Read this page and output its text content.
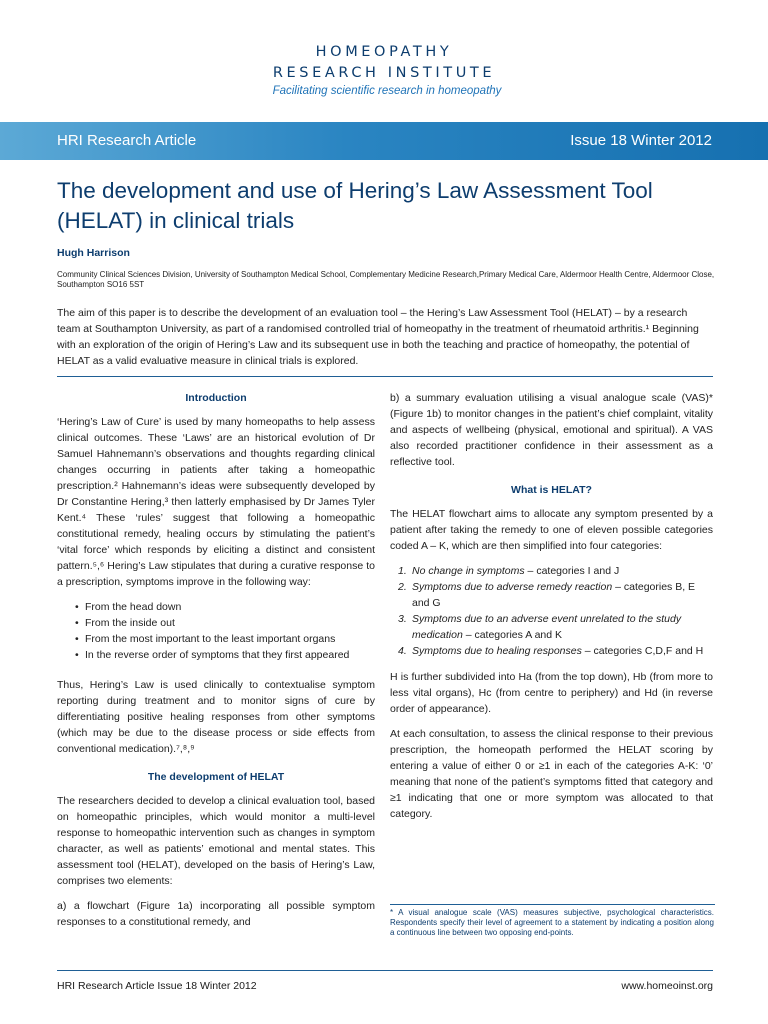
HOMEOPATHY
RESEARCH INSTITUTE
Facilitating scientific research in homeopathy
HRI Research Article	Issue 18 Winter 2012
The development and use of Hering’s Law Assessment Tool (HELAT) in clinical trials
Hugh Harrison
Community Clinical Sciences Division, University of Southampton Medical School, Complementary Medicine Research,Primary Medical Care, Aldermoor Health Centre, Aldermoor Close, Southampton SO16 5ST
The aim of this paper is to describe the development of an evaluation tool – the Hering’s Law Assessment Tool (HELAT) – by a research team at Southampton University, as part of a randomised controlled trial of homeopathy in the treatment of rheumatoid arthritis.¹ Beginning with an exploration of the origin of Hering’s Law and its subsequent use in both the teaching and practice of homeopathy, the potential of HELAT as a valid evaluative measure in clinical trials is explored.
Introduction

‘Hering’s Law of Cure’ is used by many homeopaths to help assess clinical outcomes. These ‘Laws’ are an historical evolution of Dr Samuel Hahnemann’s observations and thoughts regarding clinical changes occurring in patients after taking a homeopathic prescription.² Hahnemann’s ideas were subsequently developed by Dr Constantine Hering,³ then latterly emphasised by Dr James Tyler Kent.⁴ These ‘rules’ suggest that following a homeopathic constitutional remedy, healing occurs by stimulating the patient’s ‘vital force’ which responds by eliciting a distinct and consistent pattern.⁵,⁶ Hering’s Law stipulates that during a curative response to a prescription, symptoms improve in the following way:

• From the head down
• From the inside out
• From the most important to the least important organs
• In the reverse order of symptoms that they first appeared

Thus, Hering’s Law is used clinically to contextualise symptom reporting during treatment and to monitor signs of cure by differentiating positive healing responses from other symptoms (which may be due to the disease process or side effects from conventional medication).⁷,⁸,⁹

The development of HELAT

The researchers decided to develop a clinical evaluation tool, based on homeopathic principles, which would monitor a multi-level response to homeopathic intervention such as changes in symptom character, as well as patients’ emotional and mental states. This assessment tool (HELAT), developed on the basis of Hering’s Law, comprises two elements:

a) a flowchart (Figure 1a) incorporating all possible symptom responses to a constitutional remedy, and

b) a summary evaluation utilising a visual analogue scale (VAS)* (Figure 1b) to monitor changes in the patient’s chief complaint, vitality and aspects of wellbeing (physical, emotional and spiritual). A VAS also recorded practitioner confidence in their assessment as a reflective tool.

What is HELAT?

The HELAT flowchart aims to allocate any symptom presented by a patient after taking the remedy to one of eleven possible categories coded A – K, which are then simplified into four categories:

1. No change in symptoms – categories I and J
2. Symptoms due to adverse remedy reaction – categories B, E and G
3. Symptoms due to an adverse event unrelated to the study medication – categories A and K
4. Symptoms due to healing responses – categories C,D,F and H

H is further subdivided into Ha (from the top down), Hb (from more to less vital organs), Hc (from centre to periphery) and Hd (in reverse order of appearance).

At each consultation, to assess the clinical response to their previous prescription, the homeopath performed the HELAT scoring by entering a value of either 0 or ≥1 in each of the categories A-K: ‘0’ meaning that none of the patient’s symptoms fitted that category and ≥1 indicating that one or more symptom was allocated to that category.

* A visual analogue scale (VAS) measures subjective, psychological characteristics. Respondents specify their level of agreement to a statement by indicating a position along a continuous line between two opposing end-points.
HRI Research Article Issue 18 Winter 2012	www.homeoinst.org
